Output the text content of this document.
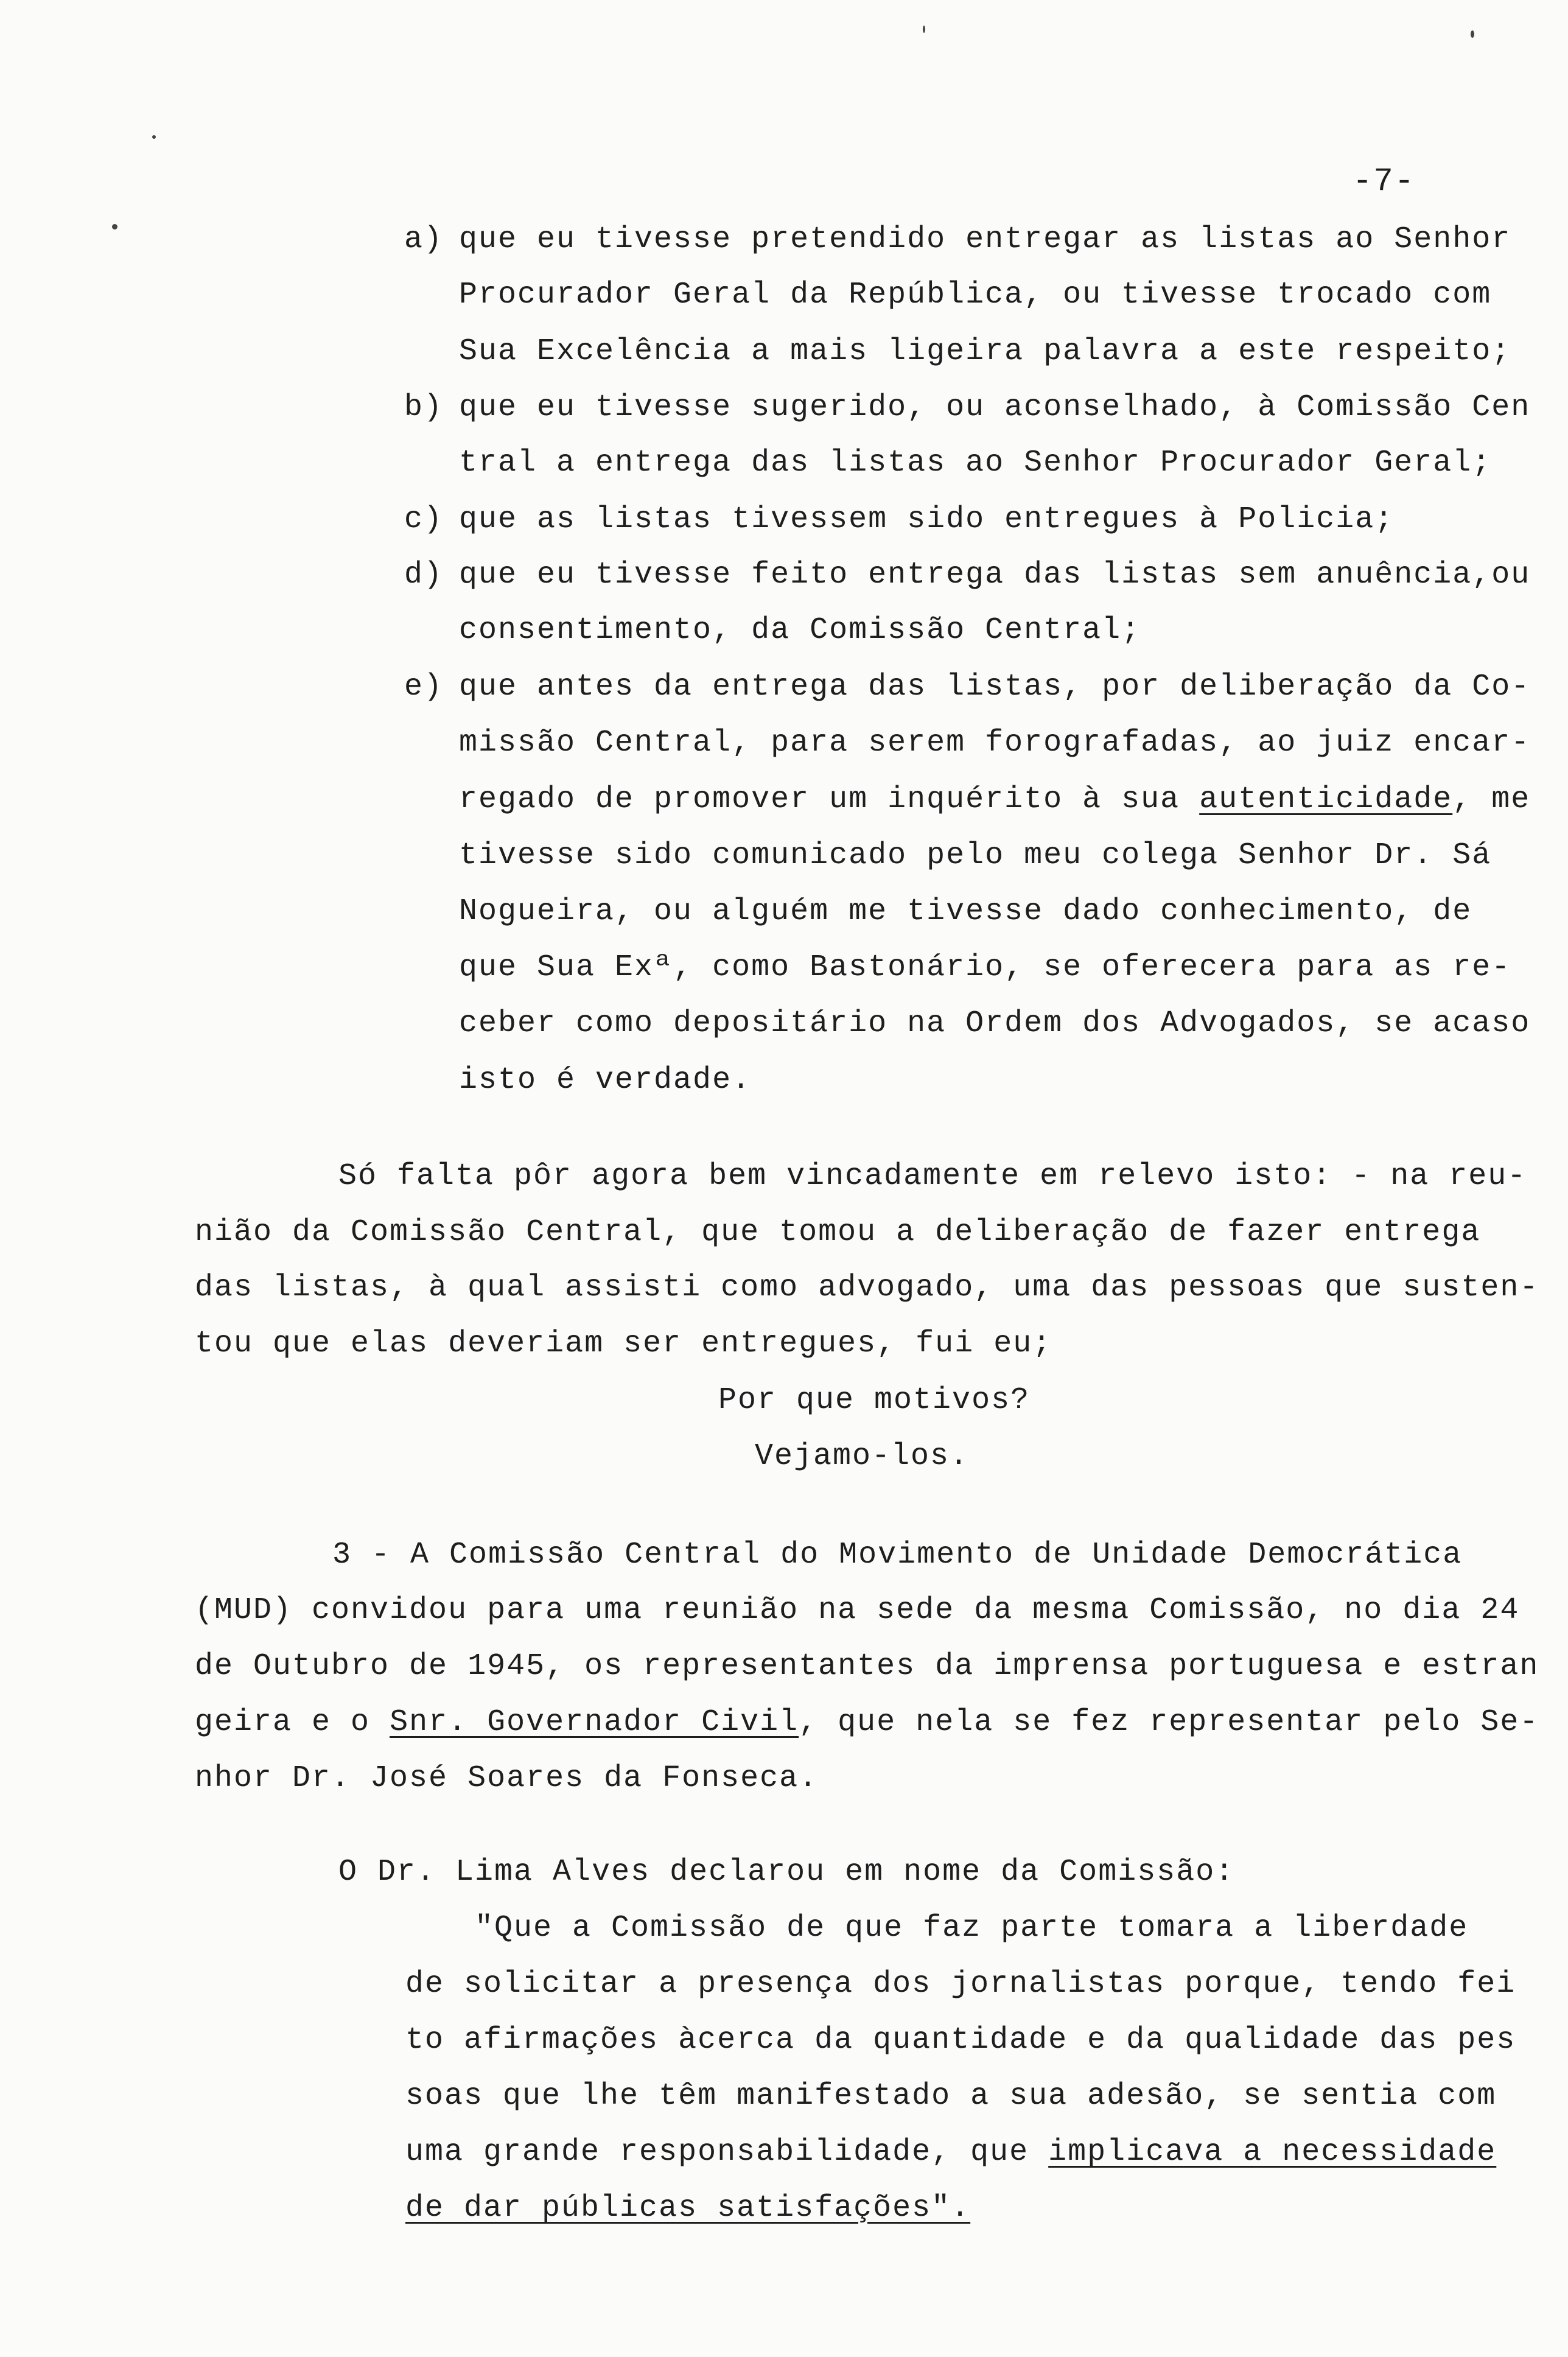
-7-
a) que eu tivesse pretendido entregar as listas ao Senhor
Procurador Geral da República, ou tivesse trocado com
Sua Excelência a mais ligeira palavra a este respeito;
b) que eu tivesse sugerido, ou aconselhado, à Comissão Cen
tral a entrega das listas ao Senhor Procurador Geral;
c) que as listas tivessem sido entregues à Policia;
d) que eu tivesse feito entrega das listas sem anuência,ou
consentimento, da Comissão Central;
e) que antes da entrega das listas, por deliberação da Co-
missão Central, para serem forografadas, ao juiz encar-
regado de promover um inquérito à sua autenticidade, me
tivesse sido comunicado pelo meu colega Senhor Dr. Sá
Nogueira, ou alguém me tivesse dado conhecimento, de
que Sua Exª, como Bastonário, se oferecera para as re-
ceber como depositário na Ordem dos Advogados, se acaso
isto é verdade.
Só falta pôr agora bem vincadamente em relevo isto: - na reu-
nião da Comissão Central, que tomou a deliberação de fazer entrega
das listas, à qual assisti como advogado, uma das pessoas que susten-
tou que elas deveriam ser entregues, fui eu;
Por que motivos?
Vejamo-los.
3 - A Comissão Central do Movimento de Unidade Democrática
(MUD) convidou para uma reunião na sede da mesma Comissão, no dia 24
de Outubro de 1945, os representantes da imprensa portuguesa e estran
geira e o Snr. Governador Civil, que nela se fez representar pelo Se-
nhor Dr. José Soares da Fonseca.
O Dr. Lima Alves declarou em nome da Comissão:
"Que a Comissão de que faz parte tomara a liberdade
de solicitar a presença dos jornalistas porque, tendo fei
to afirmações àcerca da quantidade e da qualidade das pes
soas que lhe têm manifestado a sua adesão, se sentia com
uma grande responsabilidade, que implicava a necessidade
de dar públicas satisfações".
